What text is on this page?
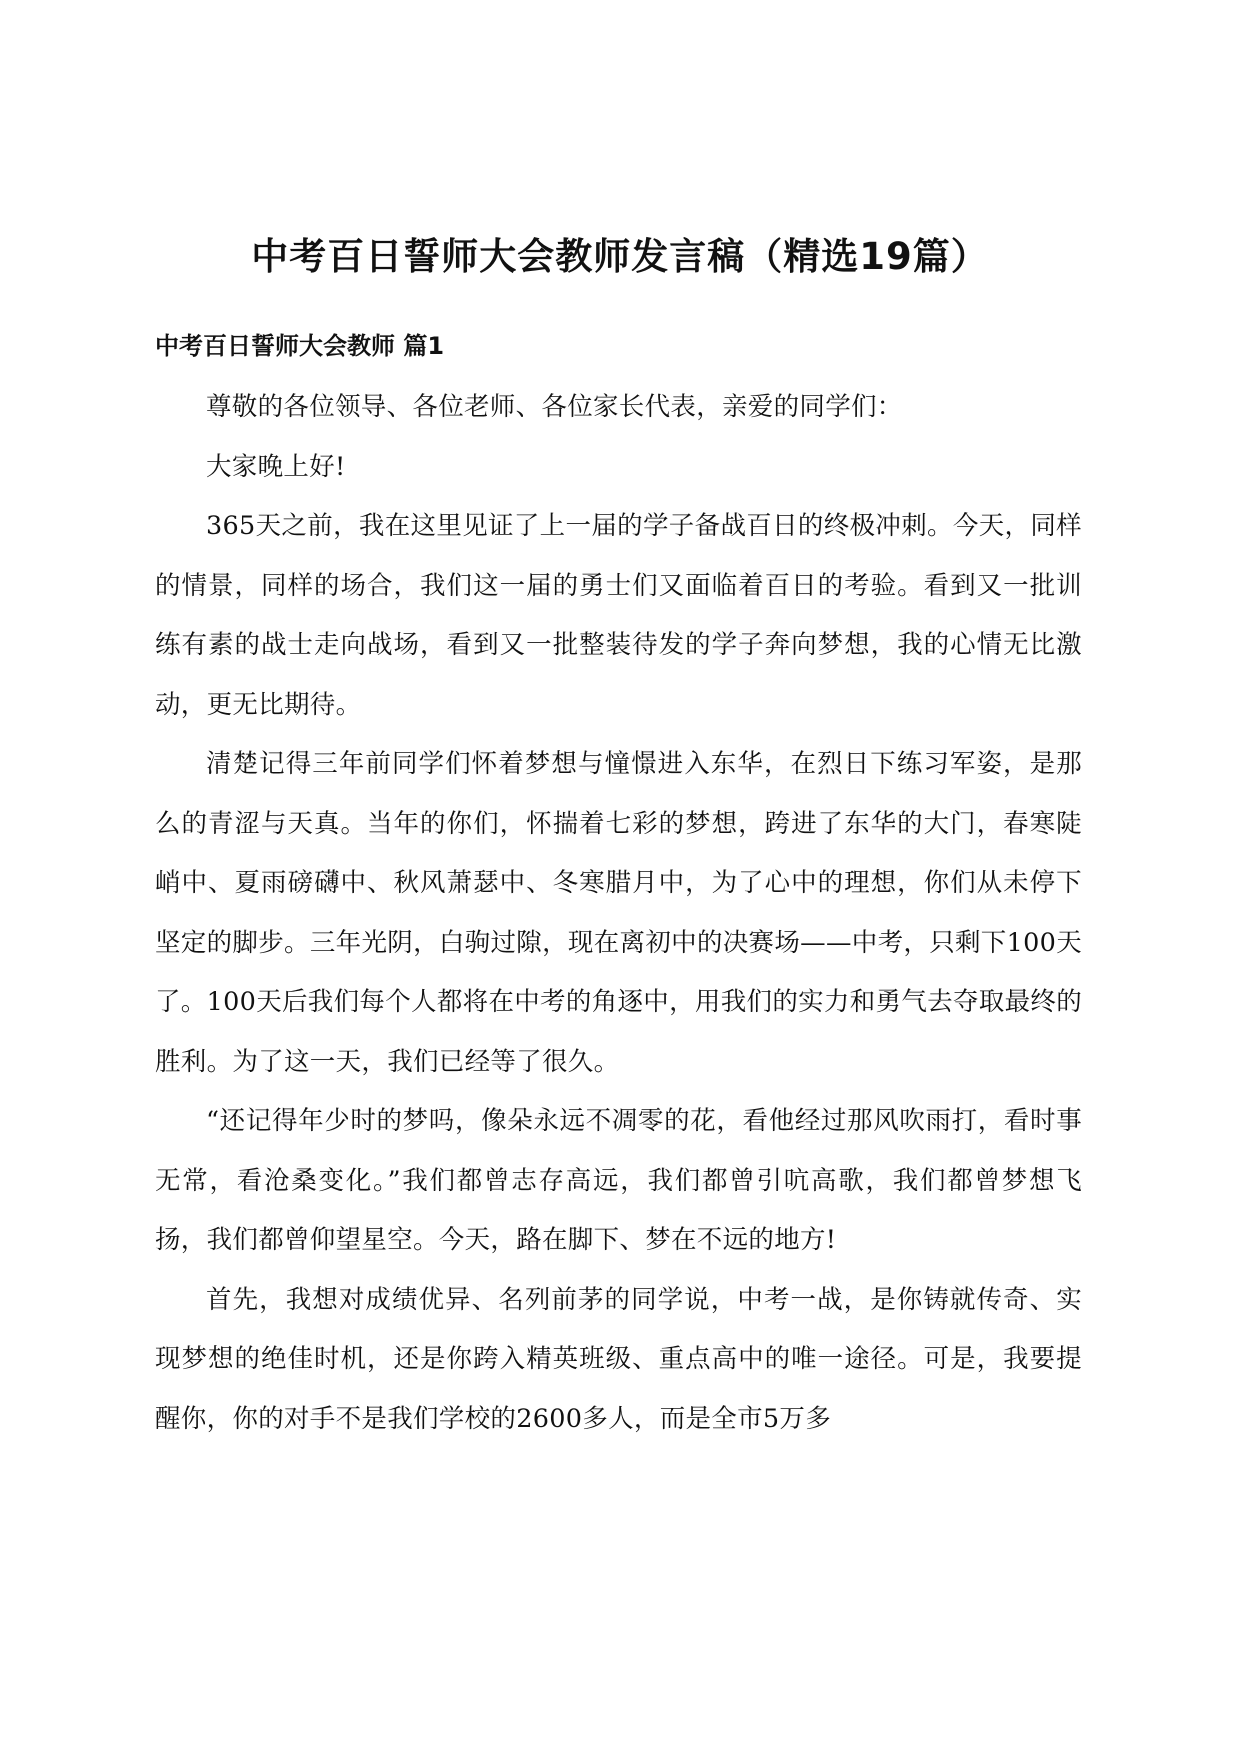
中考百日誓师大会教师发言稿（精选19篇）
中考百日誓师大会教师 篇1

尊敬的各位领导、各位老师、各位家长代表，亲爱的同学们：

大家晚上好!

365天之前，我在这里见证了上一届的学子备战百日的终极冲刺。今天，同样的情景，同样的场合，我们这一届的勇士们又面临着百日的考验。看到又一批训练有素的战士走向战场，看到又一批整装待发的学子奔向梦想，我的心情无比激动，更无比期待。

清楚记得三年前同学们怀着梦想与憧憬进入东华，在烈日下练习军姿，是那么的青涩与天真。当年的你们，怀揣着七彩的梦想，跨进了东华的大门，春寒陡峭中、夏雨磅礴中、秋风萧瑟中、冬寒腊月中，为了心中的理想，你们从未停下坚定的脚步。三年光阴，白驹过隙，现在离初中的决赛场——中考，只剩下100天了。100天后我们每个人都将在中考的角逐中，用我们的实力和勇气去夺取最终的胜利。为了这一天，我们已经等了很久。

“还记得年少时的梦吗，像朵永远不凋零的花，看他经过那风吹雨打，看时事无常，看沧桑变化。”我们都曾志存高远，我们都曾引吭高歌，我们都曾梦想飞扬，我们都曾仰望星空。今天，路在脚下、梦在不远的地方!

首先，我想对成绩优异、名列前茅的同学说，中考一战，是你铸就传奇、实现梦想的绝佳时机，还是你跨入精英班级、重点高中的唯一途径。可是，我要提醒你，你的对手不是我们学校的2600多人，而是全市5万多
